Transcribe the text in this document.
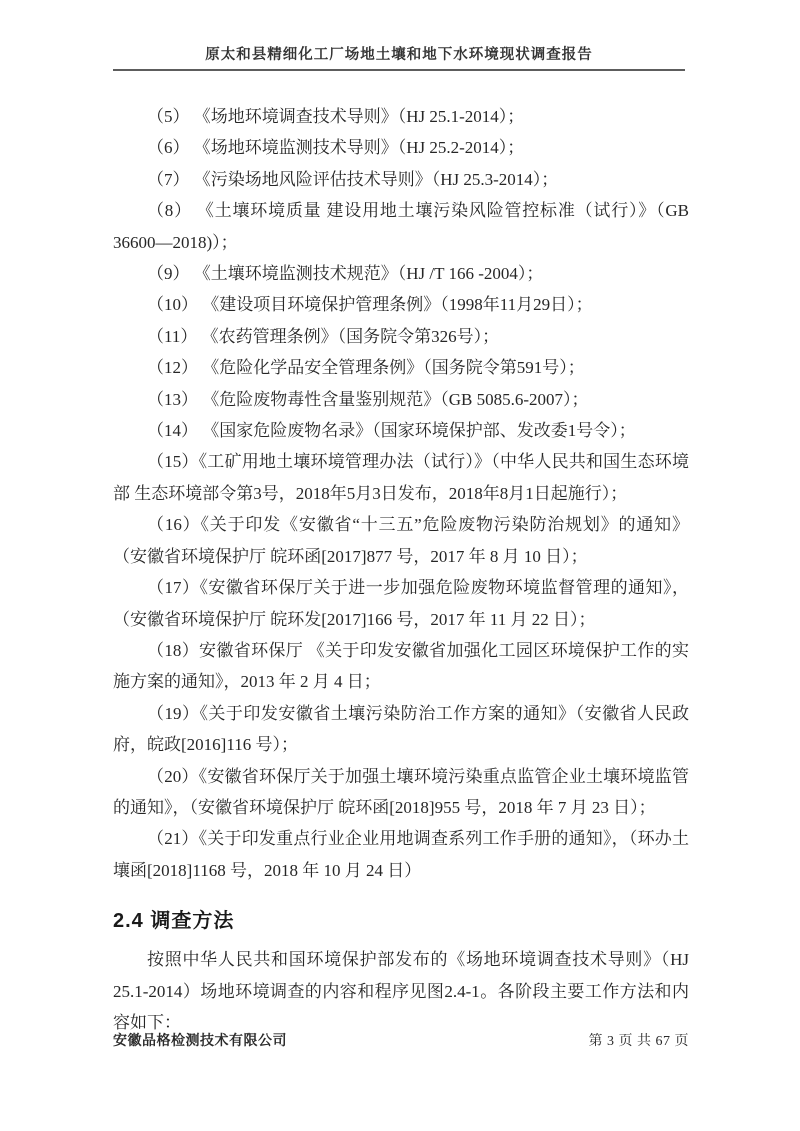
原太和县精细化工厂场地土壤和地下水环境现状调查报告

（5） 《场地环境调查技术导则》（HJ 25.1-2014）；

（6） 《场地环境监测技术导则》（HJ 25.2-2014）；

（7） 《污染场地风险评估技术导则》（HJ 25.3-2014）；

（8） 《土壤环境质量 建设用地土壤污染风险管控标准（试行）》（GB 36600—2018)）；

（9） 《土壤环境监测技术规范》（HJ /T 166 -2004）；

（10） 《建设项目环境保护管理条例》（1998年11月29日）；

（11） 《农药管理条例》（国务院令第326号）；

（12） 《危险化学品安全管理条例》（国务院令第591号）；

（13） 《危险废物毒性含量鉴别规范》（GB 5085.6-2007）；

（14） 《国家危险废物名录》（国家环境保护部、发改委1号令）；

（15）《工矿用地土壤环境管理办法（试行）》（中华人民共和国生态环境部 生态环境部令第3号，2018年5月3日发布，2018年8月1日起施行）；

（16）《关于印发《安徽省“十三五”危险废物污染防治规划》的通知》（安徽省环境保护厅 皖环函[2017]877 号，2017 年 8 月 10 日）；

（17）《安徽省环保厅关于进一步加强危险废物环境监督管理的通知》，（安徽省环境保护厅 皖环发[2017]166 号，2017 年 11 月 22 日）；

（18）安徽省环保厅 《关于印发安徽省加强化工园区环境保护工作的实施方案的通知》，2013 年 2 月 4 日；

（19）《关于印发安徽省土壤污染防治工作方案的通知》（安徽省人民政府，皖政[2016]116 号）；

（20）《安徽省环保厅关于加强土壤环境污染重点监管企业土壤环境监管的通知》，（安徽省环境保护厅 皖环函[2018]955 号，2018 年 7 月 23 日）；

（21）《关于印发重点行业企业用地调查系列工作手册的通知》，（环办土壤函[2018]1168 号，2018 年 10 月 24 日）

2.4 调查方法

按照中华人民共和国环境保护部发布的《场地环境调查技术导则》（HJ 25.1-2014）场地环境调查的内容和程序见图2.4-1。各阶段主要工作方法和内容如下：

安徽品格检测技术有限公司	第 3 页 共 67 页
